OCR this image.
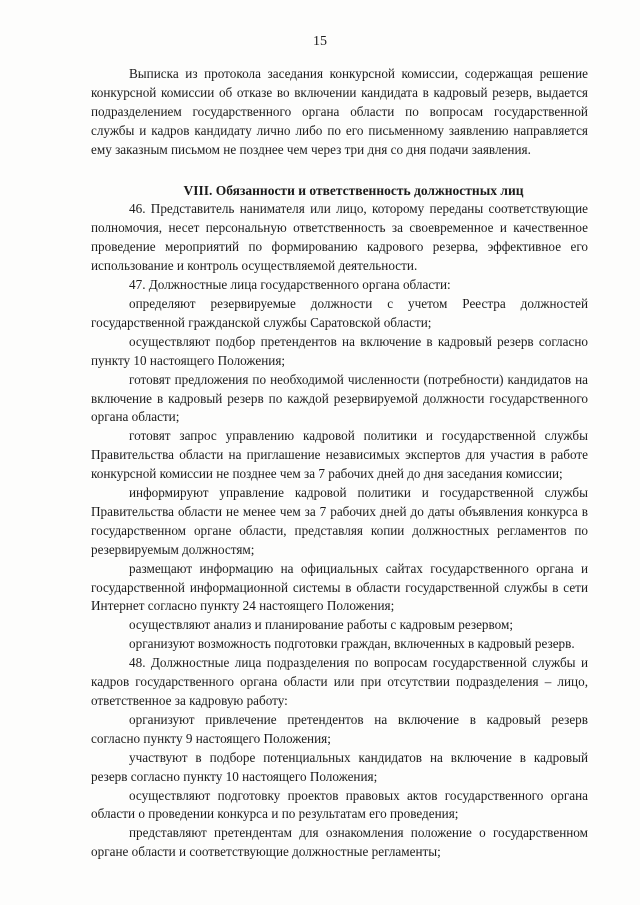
15

Выписка из протокола заседания конкурсной комиссии, содержащая решение конкурсной комиссии об отказе во включении кандидата в кадровый резерв, выдается подразделением государственного органа области по вопросам государственной службы и кадров кандидату лично либо по его письменному заявлению направляется ему заказным письмом не позднее чем через три дня со дня подачи заявления.

VIII. Обязанности и ответственность должностных лиц

46. Представитель нанимателя или лицо, которому переданы соответствующие полномочия, несет персональную ответственность за своевременное и качественное проведение мероприятий по формированию кадрового резерва, эффективное его использование и контроль осуществляемой деятельности.

47. Должностные лица государственного органа области:

определяют резервируемые должности с учетом Реестра должностей государственной гражданской службы Саратовской области;

осуществляют подбор претендентов на включение в кадровый резерв согласно пункту 10 настоящего Положения;

готовят предложения по необходимой численности (потребности) кандидатов на включение в кадровый резерв по каждой резервируемой должности государственного органа области;

готовят запрос управлению кадровой политики и государственной службы Правительства области на приглашение независимых экспертов для участия в работе конкурсной комиссии не позднее чем за 7 рабочих дней до дня заседания комиссии;

информируют управление кадровой политики и государственной службы Правительства области не менее чем за 7 рабочих дней до даты объявления конкурса в государственном органе области, представляя копии должностных регламентов по резервируемым должностям;

размещают информацию на официальных сайтах государственного органа и государственной информационной системы в области государственной службы в сети Интернет согласно пункту 24 настоящего Положения;

осуществляют анализ и планирование работы с кадровым резервом;

организуют возможность подготовки граждан, включенных в кадровый резерв.

48. Должностные лица подразделения по вопросам государственной службы и кадров государственного органа области или при отсутствии подразделения – лицо, ответственное за кадровую работу:

организуют привлечение претендентов на включение в кадровый резерв согласно пункту 9 настоящего Положения;

участвуют в подборе потенциальных кандидатов на включение в кадровый резерв согласно пункту 10 настоящего Положения;

осуществляют подготовку проектов правовых актов государственного органа области о проведении конкурса и по результатам его проведения;

представляют претендентам для ознакомления положение о государственном органе области и соответствующие должностные регламенты;
